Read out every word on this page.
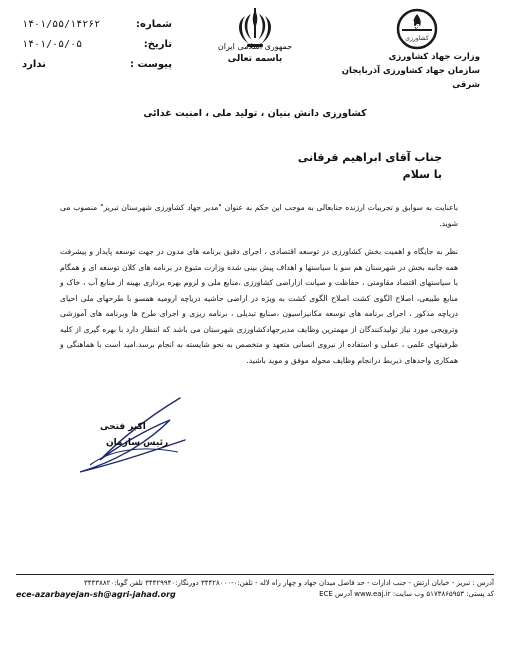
شماره:
۱۴۰۱/۵۵/۱۴۲۶۲
تاریخ:
۱۴۰۱/۰۵/۰۵
پیوست :
ندارد
جمهوری اسلامی ایران
باسمه تعالی
جهاد
کشاورزی
وزارت جهاد کشاورزی
سازمان جهاد کشاورزی آذربایجان شرقی
کشاورزی دانش بنیان ، تولید ملی ، امنیت غذائی
جناب آقای ابراهیم قرقانی
با سلام
باعنایت به سوابق و تجربیات ارزنده جنابعالی به موجب این حکم به عنوان "مدیر جهاد کشاورزی شهرستان تبریز" منصوب می شوید.
نظر به جایگاه و اهمیت بخش کشاورزی در توسعه اقتصادی ، اجرای دقیق برنامه های مدون در جهت توسعه پایدار و پیشرفت همه جانبه بخش در شهرستان هم سو با سیاستها و اهداف پیش بینی شده وزارت متبوع در برنامه های کلان توسعه ای و همگام با سیاستهای اقتصاد مقاومتی ، حفاظت و صیانت ازاراضی کشاورزی ،منابع ملی و لزوم بهره برداری بهینه از منابع آب ، خاک و منابع طبیعی، اصلاح الگوی کشت اصلاح الگوی کشت به ویژه در اراضی حاشیه دریاچه ارومیه همسو با طرحهای ملی احیای دریاچه مذکور ، اجرای برنامه های توسعه مکانیزاسیون ،صنایع تبدیلی ، برنامه ریزی و اجرای طرح ها وبرنامه های آموزشی وترویجی مورد نیاز تولیدکنندگان از مهمترین وظایف مدیرجهادکشاورزی شهرستان می باشد که انتظار دارد با بهره گیری از کلیه ظرفیتهای علمی ، عملی و استفاده از نیروی انسانی متعهد و متخصص به نحو شایسته به انجام برسد.امید است با هماهنگی و همکاری واحدهای ذیربط درانجام وظایف محوله موفق و موید باشید.
اکبر فتحی
رئیس سازمان
آدرس : تبریز - خیابان ارتش - جنب ادارات - حد فاصل میدان جهاد و چهار راه لاله - تلفن:۰-۳۴۴۲۸۰۰۰ دورنگار:۳۴۴۲۹۹۴۰ تلفن گویا:۳۴۴۳۸۸۲۰
ece-azarbayejan-sh@agri-jahad.org	کد پستی: ۵۱۷۳۸۶۵۹۵۳ وب سایت: www.eaj.ir آدرس ECE
